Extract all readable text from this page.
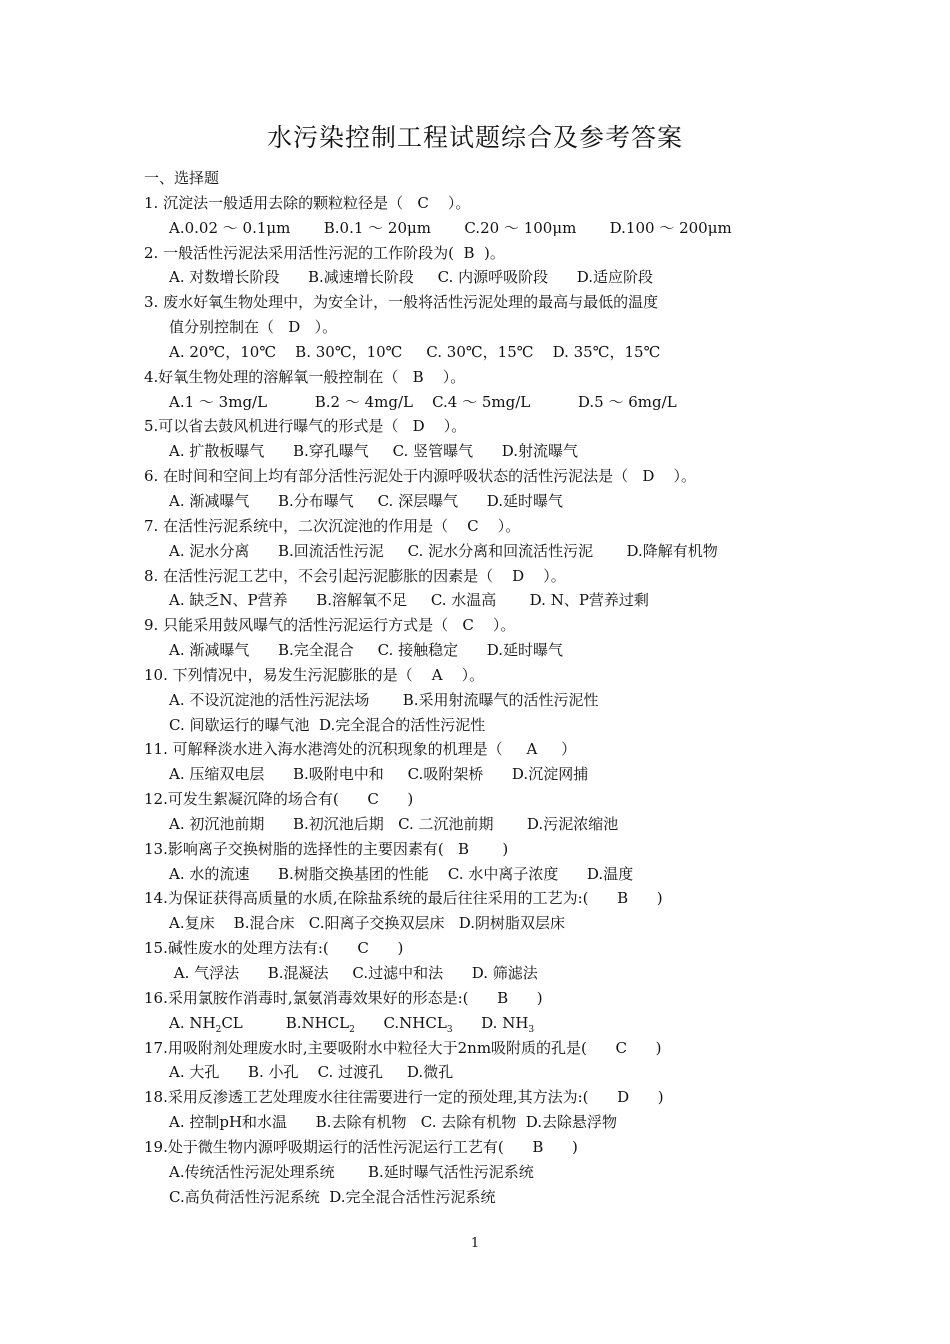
水污染控制工程试题综合及参考答案
一、选择题
1. 沉淀法一般适用去除的颗粒粒径是（   C    ）。
A.0.02 ～ 0.1μm       B.0.1 ～ 20μm       C.20 ～ 100μm       D.100 ～ 200μm
2. 一般活性污泥法采用活性污泥的工作阶段为(  B  )。
A. 对数增长阶段      B.减速增长阶段     C. 内源呼吸阶段      D.适应阶段
3. 废水好氧生物处理中，为安全计，一般将活性污泥处理的最高与最低的温度
值分别控制在（   D   ）。
A. 20℃，10℃    B. 30℃，10℃     C. 30℃，15℃    D. 35℃，15℃
4.好氧生物处理的溶解氧一般控制在（   B    ）。
A.1 ～ 3mg/L          B.2 ～ 4mg/L    C.4 ～ 5mg/L          D.5 ～ 6mg/L
5.可以省去鼓风机进行曝气的形式是（   D    ）。
A. 扩散板曝气      B.穿孔曝气     C. 竖管曝气      D.射流曝气
6. 在时间和空间上均有部分活性污泥处于内源呼吸状态的活性污泥法是（   D    ）。
A. 渐减曝气      B.分布曝气     C. 深层曝气      D.延时曝气
7. 在活性污泥系统中，二次沉淀池的作用是（    C    ）。
A. 泥水分离      B.回流活性污泥     C. 泥水分离和回流活性污泥       D.降解有机物
8. 在活性污泥工艺中，不会引起污泥膨胀的因素是（    D    ）。
A. 缺乏N、P营养      B.溶解氧不足     C. 水温高       D. N、P营养过剩
9. 只能采用鼓风曝气的活性污泥运行方式是（   C    ）。
A. 渐减曝气      B.完全混合     C. 接触稳定      D.延时曝气
10. 下列情况中，易发生污泥膨胀的是（    A    ）。
A. 不设沉淀池的活性污泥法场       B.采用射流曝气的活性污泥性
C. 间歇运行的曝气池  D.完全混合的活性污泥性
11. 可解释淡水进入海水港湾处的沉积现象的机理是（     A     ）
A. 压缩双电层      B.吸附电中和     C.吸附架桥      D.沉淀网捕
12.可发生絮凝沉降的场合有(      C      )
A. 初沉池前期      B.初沉池后期   C. 二沉池前期       D.污泥浓缩池
13.影响离子交换树脂的选择性的主要因素有(   B       )
A. 水的流速      B.树脂交换基团的性能    C. 水中离子浓度      D.温度
14.为保证获得高质量的水质,在除盐系统的最后往往采用的工艺为:(      B      )
A.复床    B.混合床   C.阳离子交换双层床   D.阴树脂双层床
15.碱性废水的处理方法有:(      C      )
A. 气浮法      B.混凝法     C.过滤中和法      D. 筛滤法
16.采用氯胺作消毒时,氯氨消毒效果好的形态是:(      B      )
A. $NH_2CL$	$B.NHCL_2$ $C.NHCL_3$ D. $NH_3$
17.用吸附剂处理废水时,主要吸附水中粒径大于2nm吸附质的孔是(      C      )
A. 大孔      B. 小孔    C. 过渡孔     D.微孔
18.采用反渗透工艺处理废水往往需要进行一定的预处理,其方法为:(      D      )
A. 控制pH和水温      B.去除有机物   C. 去除有机物  D.去除悬浮物
19.处于微生物内源呼吸期运行的活性污泥运行工艺有(      B      )
A.传统活性污泥处理系统       B.延时曝气活性污泥系统
C.高负荷活性污泥系统  D.完全混合活性污泥系统
1
